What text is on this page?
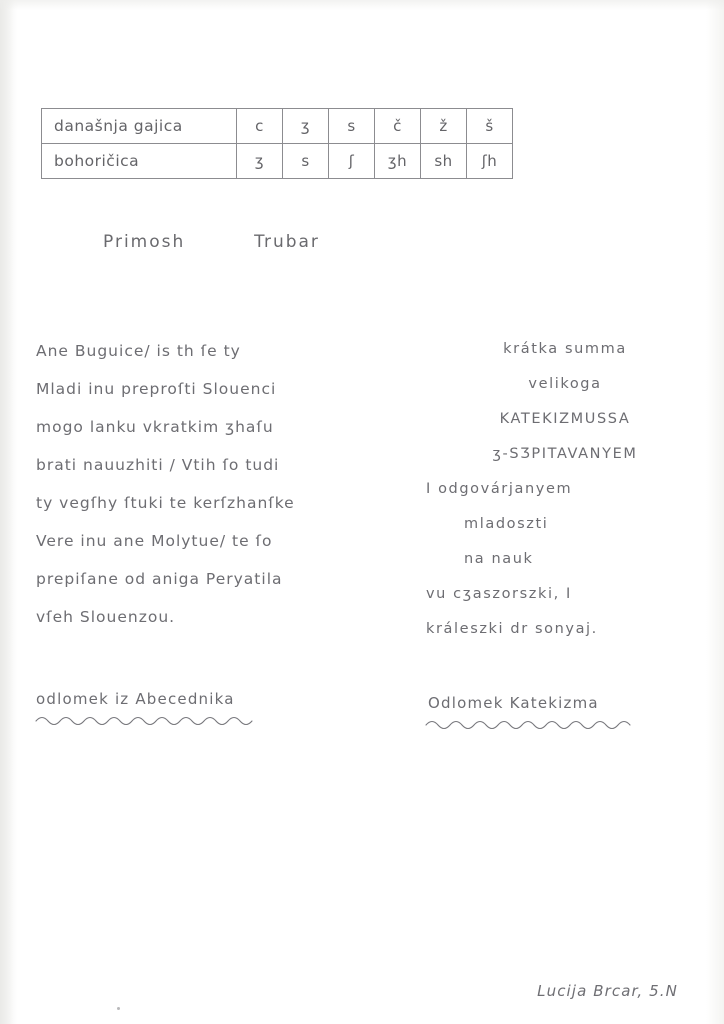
današnja gajica	c	ʒ	s	č	ž	š
bohoričica	ʒ	s	ʃ	ʒh	sh	ʃh
Primosh	Trubar
Ane Buguice/ is th ſe ty
Mladi inu preproſti Slouenci
mogo lanku vkratkim ʒhaſu
brati nauuzhiti / Vtih ſo tudi
ty vegſhy ſtuki te kerſzhanſke
Vere inu ane Molytue/ te ſo
prepiſane od aniga Peryatila
vſeh Slouenzou.
krátka summa
velikoga
KATEKIZMUSSA
ʒ-SƷPITAVANYEM
I odgovárjanyem
mladoszti
na nauk
vu cʒaszorszki, I
králeszki dr sonyaj.
odlomek iz Abecednika	Odlomek Katekizma
Lucija Brcar, 5.N
